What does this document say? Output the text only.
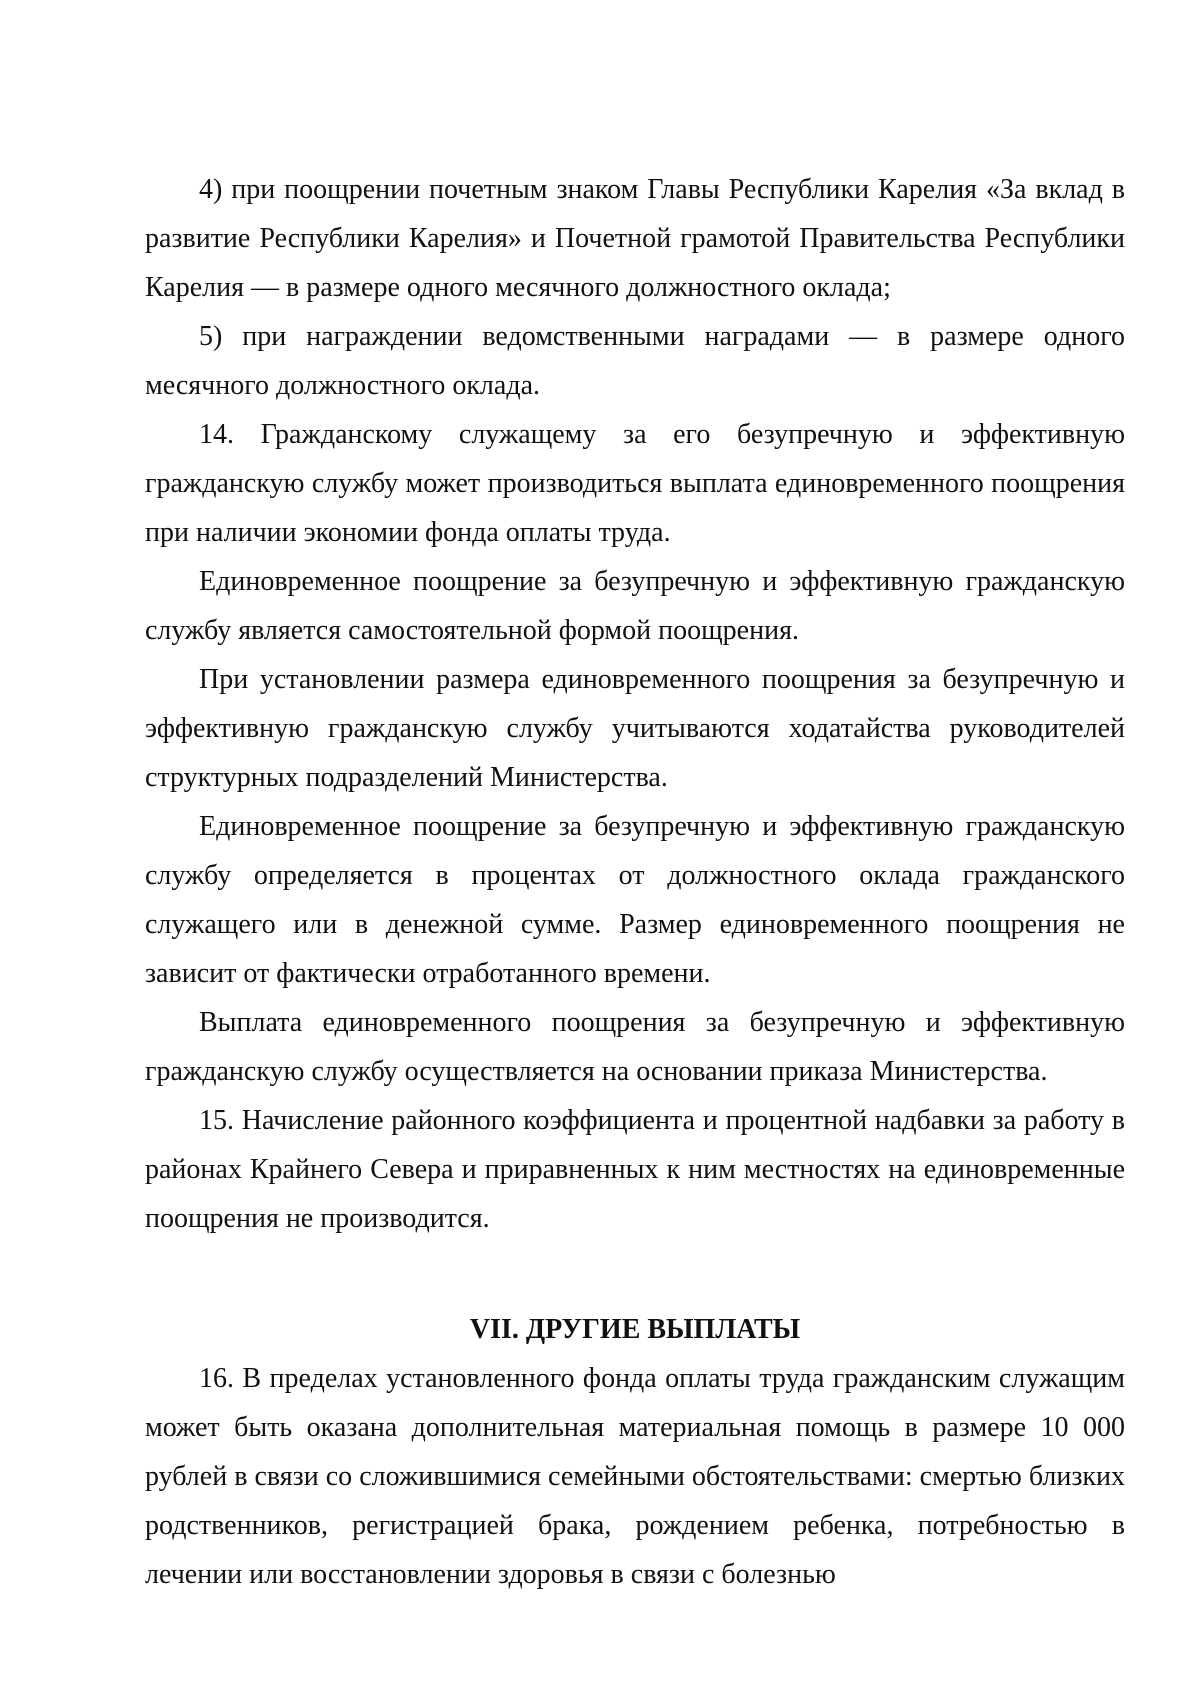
4) при поощрении почетным знаком Главы Республики Карелия «За вклад в развитие Республики Карелия» и Почетной грамотой Правительства Республики Карелия — в размере одного месячного должностного оклада;

5) при награждении ведомственными наградами — в размере одного месячного должностного оклада.

14. Гражданскому служащему за его безупречную и эффективную гражданскую службу может производиться выплата единовременного поощрения при наличии экономии фонда оплаты труда.

Единовременное поощрение за безупречную и эффективную гражданскую службу является самостоятельной формой поощрения.

При установлении размера единовременного поощрения за безупречную и эффективную гражданскую службу учитываются ходатайства руководителей структурных подразделений Министерства.

Единовременное поощрение за безупречную и эффективную гражданскую службу определяется в процентах от должностного оклада гражданского служащего или в денежной сумме. Размер единовременного поощрения не зависит от фактически отработанного времени.

Выплата единовременного поощрения за безупречную и эффективную гражданскую службу осуществляется на основании приказа Министерства.

15. Начисление районного коэффициента и процентной надбавки за работу в районах Крайнего Севера и приравненных к ним местностях на единовременные поощрения не производится.

VII. ДРУГИЕ ВЫПЛАТЫ

16. В пределах установленного фонда оплаты труда гражданским служащим может быть оказана дополнительная материальная помощь в размере 10 000 рублей в связи со сложившимися семейными обстоятельствами: смертью близких родственников, регистрацией брака, рождением ребенка, потребностью в лечении или восстановлении здоровья в связи с болезнью
